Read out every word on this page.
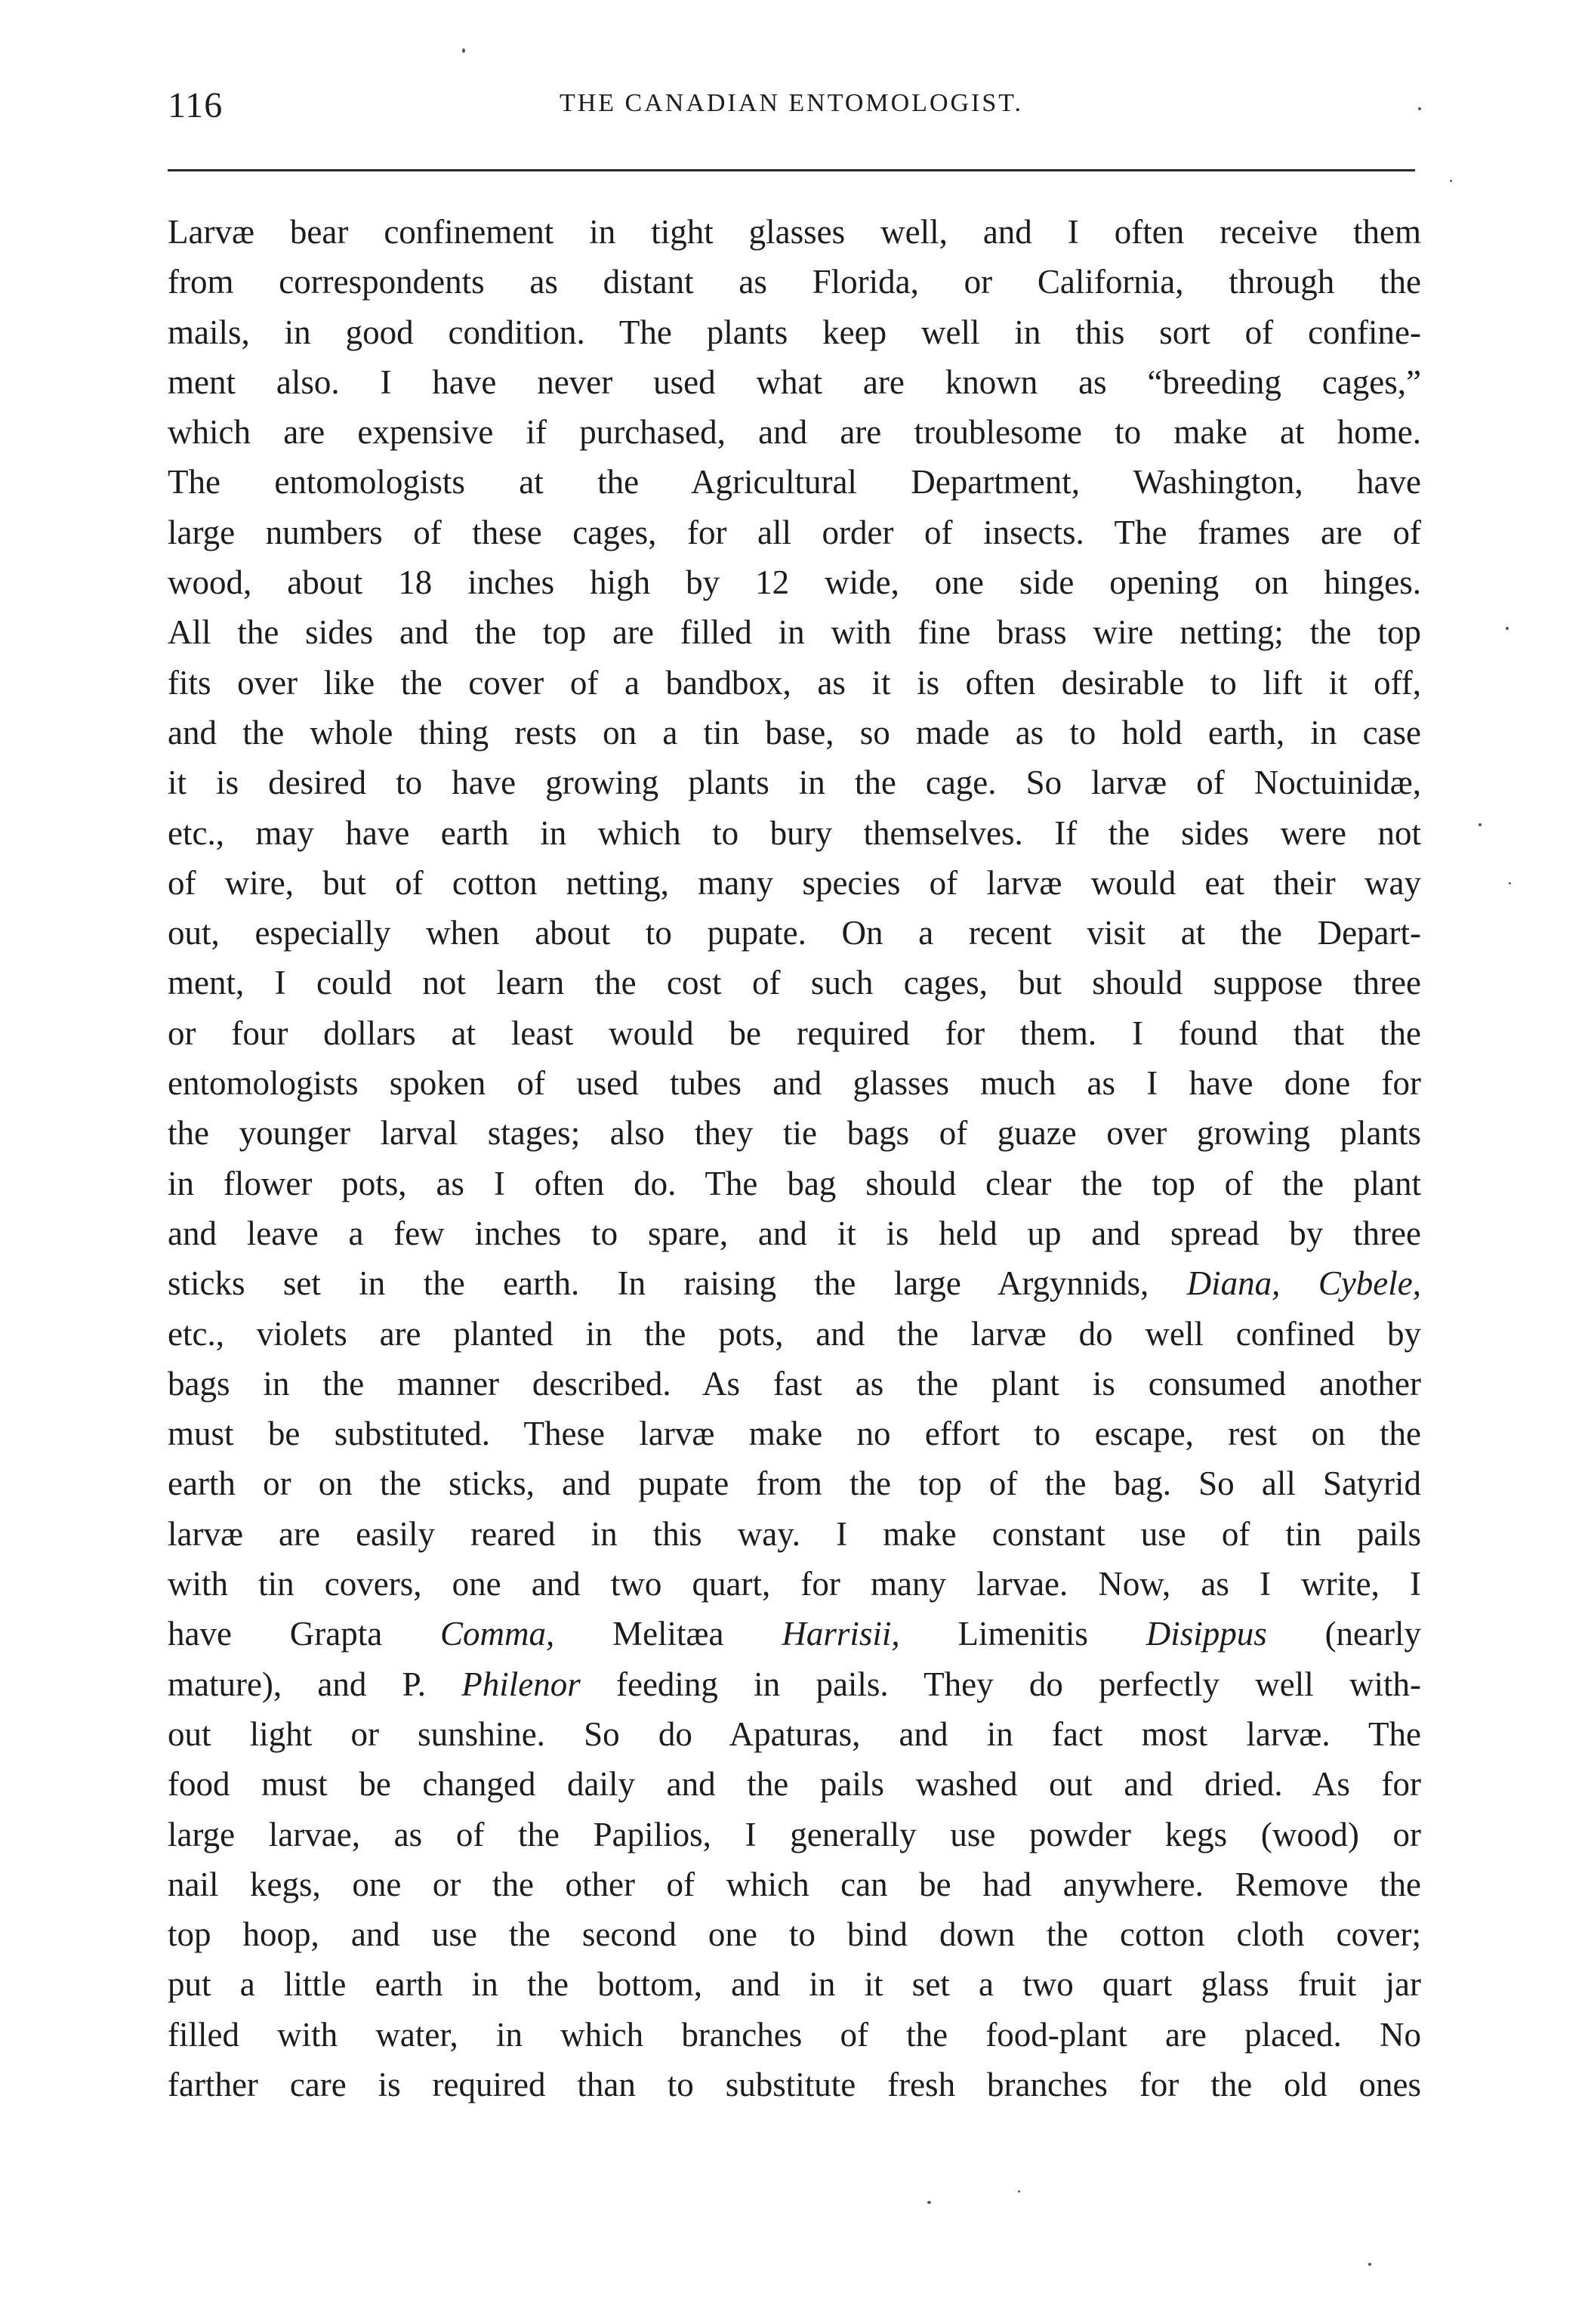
116	THE CANADIAN ENTOMOLOGIST.
Larvæ bear confinement in tight glasses well, and I often receive them
from correspondents as distant as Florida, or California, through the
mails, in good condition. The plants keep well in this sort of confine-
ment also. I have never used what are known as “breeding cages,”
which are expensive if purchased, and are troublesome to make at home.
The entomologists at the Agricultural Department, Washington, have
large numbers of these cages, for all order of insects. The frames are of
wood, about 18 inches high by 12 wide, one side opening on hinges.
All the sides and the top are filled in with fine brass wire netting; the top
fits over like the cover of a bandbox, as it is often desirable to lift it off,
and the whole thing rests on a tin base, so made as to hold earth, in case
it is desired to have growing plants in the cage. So larvæ of Noctuinidæ,
etc., may have earth in which to bury themselves. If the sides were not
of wire, but of cotton netting, many species of larvæ would eat their way
out, especially when about to pupate. On a recent visit at the Depart-
ment, I could not learn the cost of such cages, but should suppose three
or four dollars at least would be required for them. I found that the
entomologists spoken of used tubes and glasses much as I have done for
the younger larval stages; also they tie bags of guaze over growing plants
in flower pots, as I often do. The bag should clear the top of the plant
and leave a few inches to spare, and it is held up and spread by three
sticks set in the earth. In raising the large Argynnids, Diana, Cybele,
etc., violets are planted in the pots, and the larvæ do well confined by
bags in the manner described. As fast as the plant is consumed another
must be substituted. These larvæ make no effort to escape, rest on the
earth or on the sticks, and pupate from the top of the bag. So all Satyrid
larvæ are easily reared in this way. I make constant use of tin pails
with tin covers, one and two quart, for many larvae. Now, as I write, I
have Grapta Comma, Melitæa Harrisii, Limenitis Disippus (nearly
mature), and P. Philenor feeding in pails. They do perfectly well with-
out light or sunshine. So do Apaturas, and in fact most larvæ. The
food must be changed daily and the pails washed out and dried. As for
large larvae, as of the Papilios, I generally use powder kegs (wood) or
nail kegs, one or the other of which can be had anywhere. Remove the
top hoop, and use the second one to bind down the cotton cloth cover;
put a little earth in the bottom, and in it set a two quart glass fruit jar
filled with water, in which branches of the food-plant are placed. No
farther care is required than to substitute fresh branches for the old ones
